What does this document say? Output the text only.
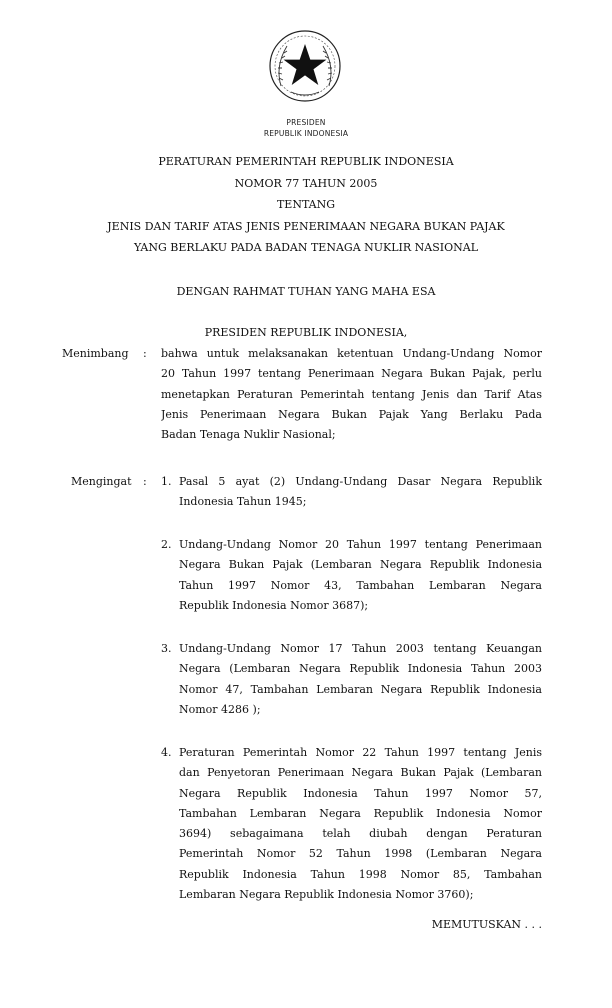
PRESIDEN
REPUBLIK INDONESIA
PERATURAN PEMERINTAH REPUBLIK INDONESIA
NOMOR 77 TAHUN 2005
TENTANG
JENIS DAN TARIF ATAS JENIS PENERIMAAN NEGARA BUKAN PAJAK
YANG BERLAKU PADA BADAN TENAGA NUKLIR NASIONAL
DENGAN RAHMAT TUHAN YANG MAHA ESA
PRESIDEN REPUBLIK INDONESIA,
Menimbang : bahwa untuk melaksanakan ketentuan Undang-Undang Nomor
20 Tahun 1997 tentang Penerimaan Negara Bukan Pajak, perlu
menetapkan Peraturan Pemerintah tentang Jenis dan Tarif Atas
Jenis Penerimaan Negara Bukan Pajak Yang Berlaku Pada
Badan Tenaga Nuklir Nasional;
Mengingat : 1. Pasal 5 ayat (2) Undang-Undang Dasar Negara Republik
Indonesia Tahun 1945;
2. Undang-Undang Nomor 20 Tahun 1997 tentang Penerimaan
Negara Bukan Pajak (Lembaran Negara Republik Indonesia
Tahun 1997 Nomor 43, Tambahan Lembaran Negara
Republik Indonesia Nomor 3687);
3. Undang-Undang Nomor 17 Tahun 2003 tentang Keuangan
Negara (Lembaran Negara Republik Indonesia Tahun 2003
Nomor 47, Tambahan Lembaran Negara Republik Indonesia
Nomor 4286 );
4. Peraturan Pemerintah Nomor 22 Tahun 1997 tentang Jenis
dan Penyetoran Penerimaan Negara Bukan Pajak (Lembaran
Negara Republik Indonesia Tahun 1997 Nomor 57,
Tambahan Lembaran Negara Republik Indonesia Nomor
3694) sebagaimana telah diubah dengan Peraturan
Pemerintah Nomor 52 Tahun 1998 (Lembaran Negara
Republik Indonesia Tahun 1998 Nomor 85, Tambahan
Lembaran Negara Republik Indonesia Nomor 3760);
MEMUTUSKAN . . .
